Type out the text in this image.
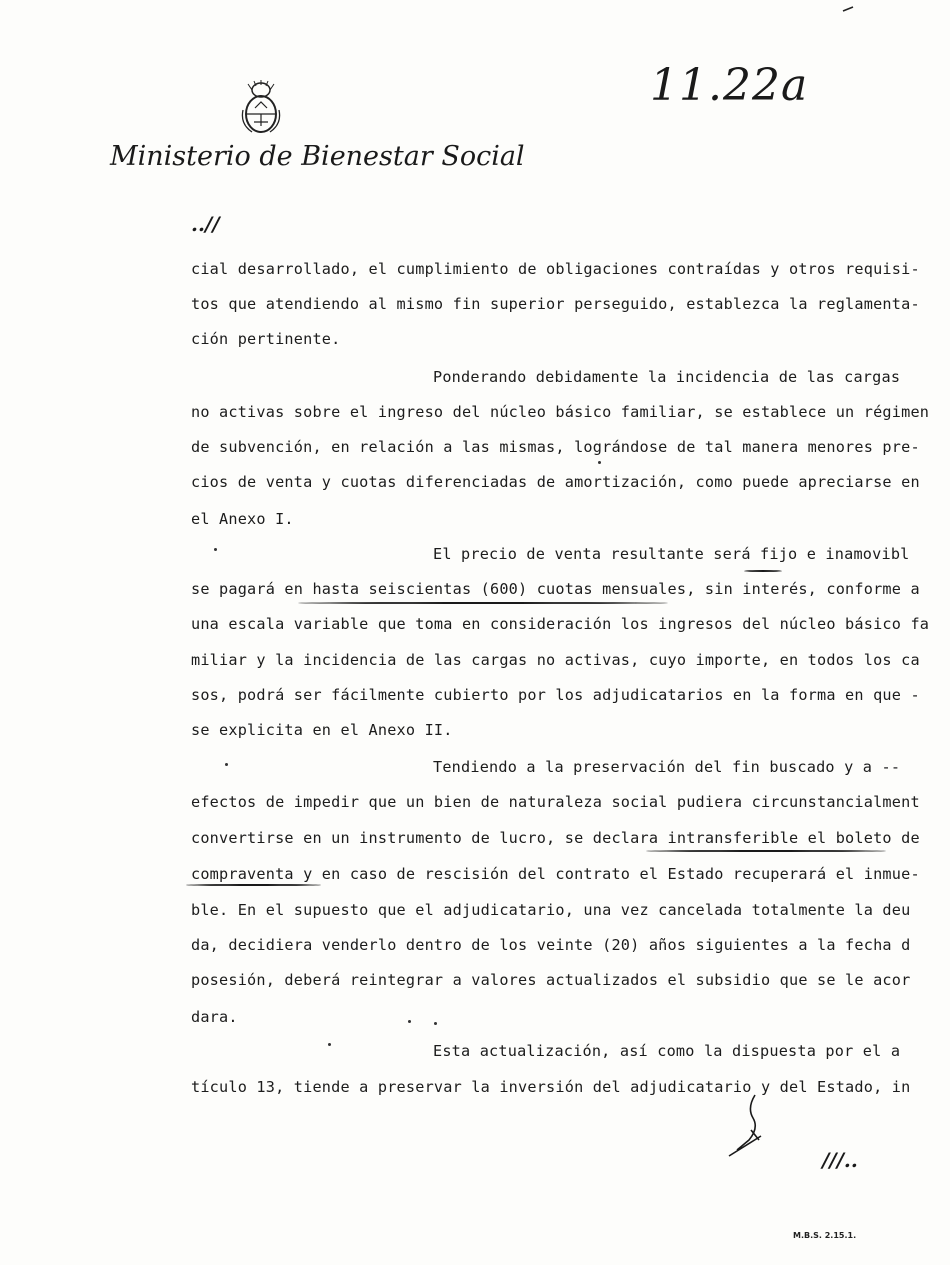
11.22a
Ministerio de Bienestar Social
..//
cial desarrollado, el cumplimiento de obligaciones contraídas y otros requisi-
tos que atendiendo al mismo fin superior perseguido, establezca la reglamenta-
ción pertinente.
Ponderando debidamente la incidencia de las cargas
no activas sobre el ingreso del núcleo básico familiar, se establece un régimen
de subvención, en relación a las mismas, lográndose de tal manera menores pre-
cios de venta y cuotas diferenciadas de amortización, como puede apreciarse en
el Anexo I.
El precio de venta resultante será fijo e inamovibl
se pagará en hasta seiscientas (600) cuotas mensuales, sin interés, conforme a
una escala variable que toma en consideración los ingresos del núcleo básico fa
miliar y la incidencia de las cargas no activas, cuyo importe, en todos los ca
sos, podrá ser fácilmente cubierto por los adjudicatarios en la forma en que -
se explicita en el Anexo II.
Tendiendo a la preservación del fin buscado y a --
efectos de impedir que un bien de naturaleza social pudiera circunstancialment
convertirse en un instrumento de lucro, se declara intransferible el boleto de
compraventa y en caso de rescisión del contrato el Estado recuperará el inmue-
ble. En el supuesto que el adjudicatario, una vez cancelada totalmente la deu
da, decidiera venderlo dentro de los veinte (20) años siguientes a la fecha d
posesión, deberá reintegrar a valores actualizados el subsidio que se le acor
dara.
Esta actualización, así como la dispuesta por el a
tículo 13, tiende a preservar la inversión del adjudicatario y del Estado, in
///..
M.B.S. 2.15.1.
